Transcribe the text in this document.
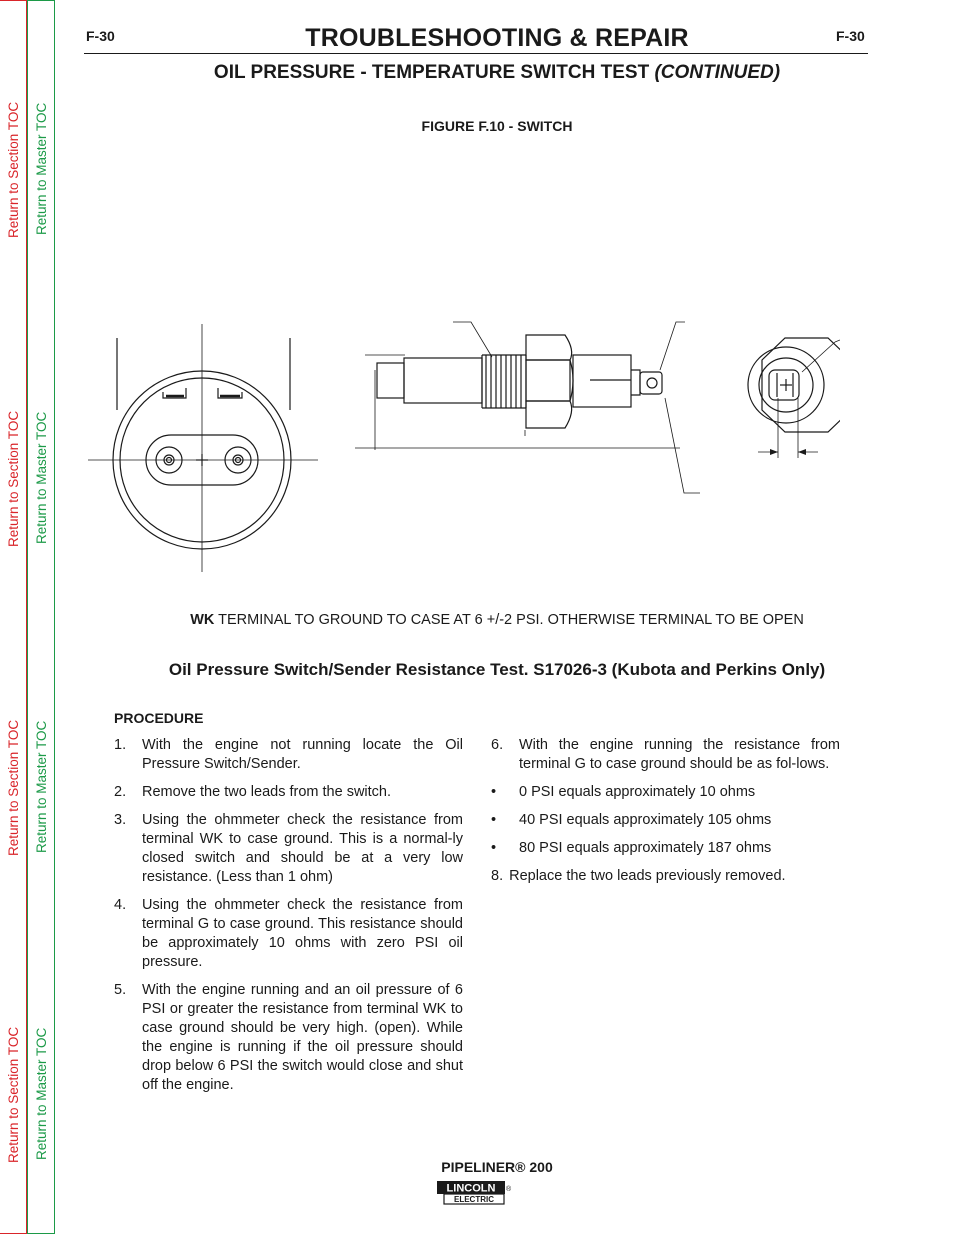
Return to Section TOC
Return to Section TOC
Return to Section TOC
Return to Section TOC
Return to Master TOC
Return to Master TOC
Return to Master TOC
Return to Master TOC
F-30	F-30
TROUBLESHOOTING & REPAIR
OIL PRESSURE - TEMPERATURE SWITCH TEST (CONTINUED)
FIGURE F.10 - SWITCH
WK TERMINAL TO GROUND TO CASE AT 6 +/-2 PSI. OTHERWISE TERMINAL TO BE OPEN
Oil Pressure Switch/Sender Resistance Test. S17026-3 (Kubota and Perkins Only)
PROCEDURE
1.	With the engine not running locate the Oil Pressure Switch/Sender.
2.	Remove the two leads from the switch.
3.	Using the ohmmeter check the resistance from terminal WK to case ground. This is a normal-ly closed switch and should be at a very low resistance. (Less than 1 ohm)
4.	Using the ohmmeter check the resistance from terminal G to case ground. This resistance should be approximately 10 ohms with zero PSI oil pressure.
5.	With the engine running and an oil pressure of 6 PSI or greater the resistance from terminal WK to case ground should be very high. (open). While the engine is running if the oil pressure should drop below 6 PSI the switch would close and shut off the engine.
6.	With the engine running the resistance from terminal G to case ground should be as fol-lows.
•	0 PSI equals approximately 10 ohms
•	40 PSI equals approximately 105 ohms
•	80 PSI equals approximately 187 ohms
8. Replace the two leads previously removed.
PIPELINER® 200
LINCOLN
ELECTRIC
®
